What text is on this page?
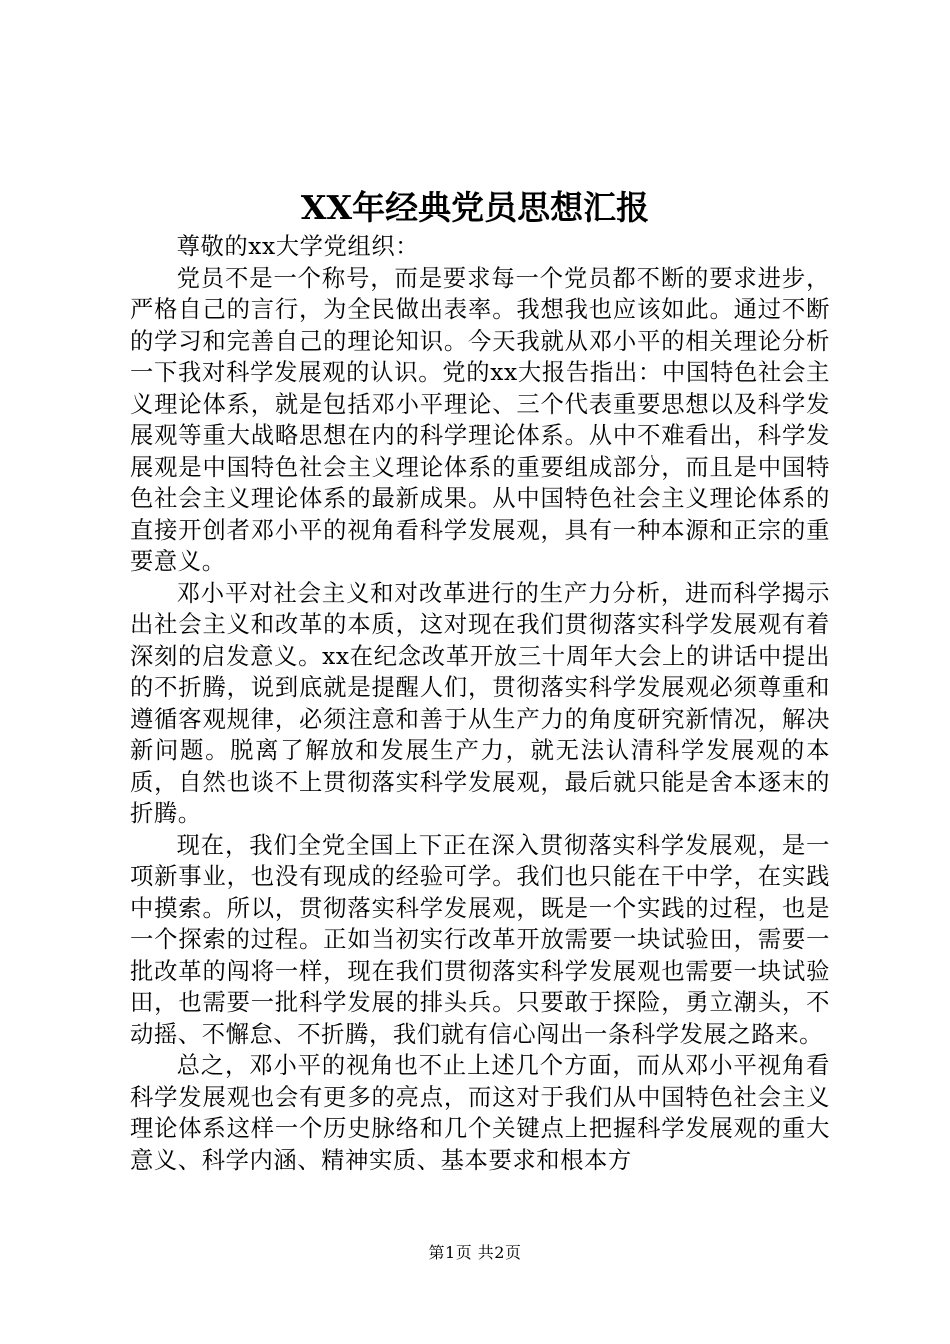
XX年经典党员思想汇报

尊敬的xx大学党组织：

党员不是一个称号，而是要求每一个党员都不断的要求进步，严格自己的言行，为全民做出表率。我想我也应该如此。通过不断的学习和完善自己的理论知识。今天我就从邓小平的相关理论分析一下我对科学发展观的认识。党的xx大报告指出：中国特色社会主义理论体系，就是包括邓小平理论、三个代表重要思想以及科学发展观等重大战略思想在内的科学理论体系。从中不难看出，科学发展观是中国特色社会主义理论体系的重要组成部分，而且是中国特色社会主义理论体系的最新成果。从中国特色社会主义理论体系的直接开创者邓小平的视角看科学发展观，具有一种本源和正宗的重要意义。

邓小平对社会主义和对改革进行的生产力分析，进而科学揭示出社会主义和改革的本质，这对现在我们贯彻落实科学发展观有着深刻的启发意义。xx在纪念改革开放三十周年大会上的讲话中提出的不折腾，说到底就是提醒人们，贯彻落实科学发展观必须尊重和遵循客观规律，必须注意和善于从生产力的角度研究新情况，解决新问题。脱离了解放和发展生产力，就无法认清科学发展观的本质，自然也谈不上贯彻落实科学发展观，最后就只能是舍本逐末的折腾。

现在，我们全党全国上下正在深入贯彻落实科学发展观，是一项新事业，也没有现成的经验可学。我们也只能在干中学，在实践中摸索。所以，贯彻落实科学发展观，既是一个实践的过程，也是一个探索的过程。正如当初实行改革开放需要一块试验田，需要一批改革的闯将一样，现在我们贯彻落实科学发展观也需要一块试验田，也需要一批科学发展的排头兵。只要敢于探险，勇立潮头，不动摇、不懈怠、不折腾，我们就有信心闯出一条科学发展之路来。

总之，邓小平的视角也不止上述几个方面，而从邓小平视角看科学发展观也会有更多的亮点，而这对于我们从中国特色社会主义理论体系这样一个历史脉络和几个关键点上把握科学发展观的重大意义、科学内涵、精神实质、基本要求和根本方

第1页 共2页
